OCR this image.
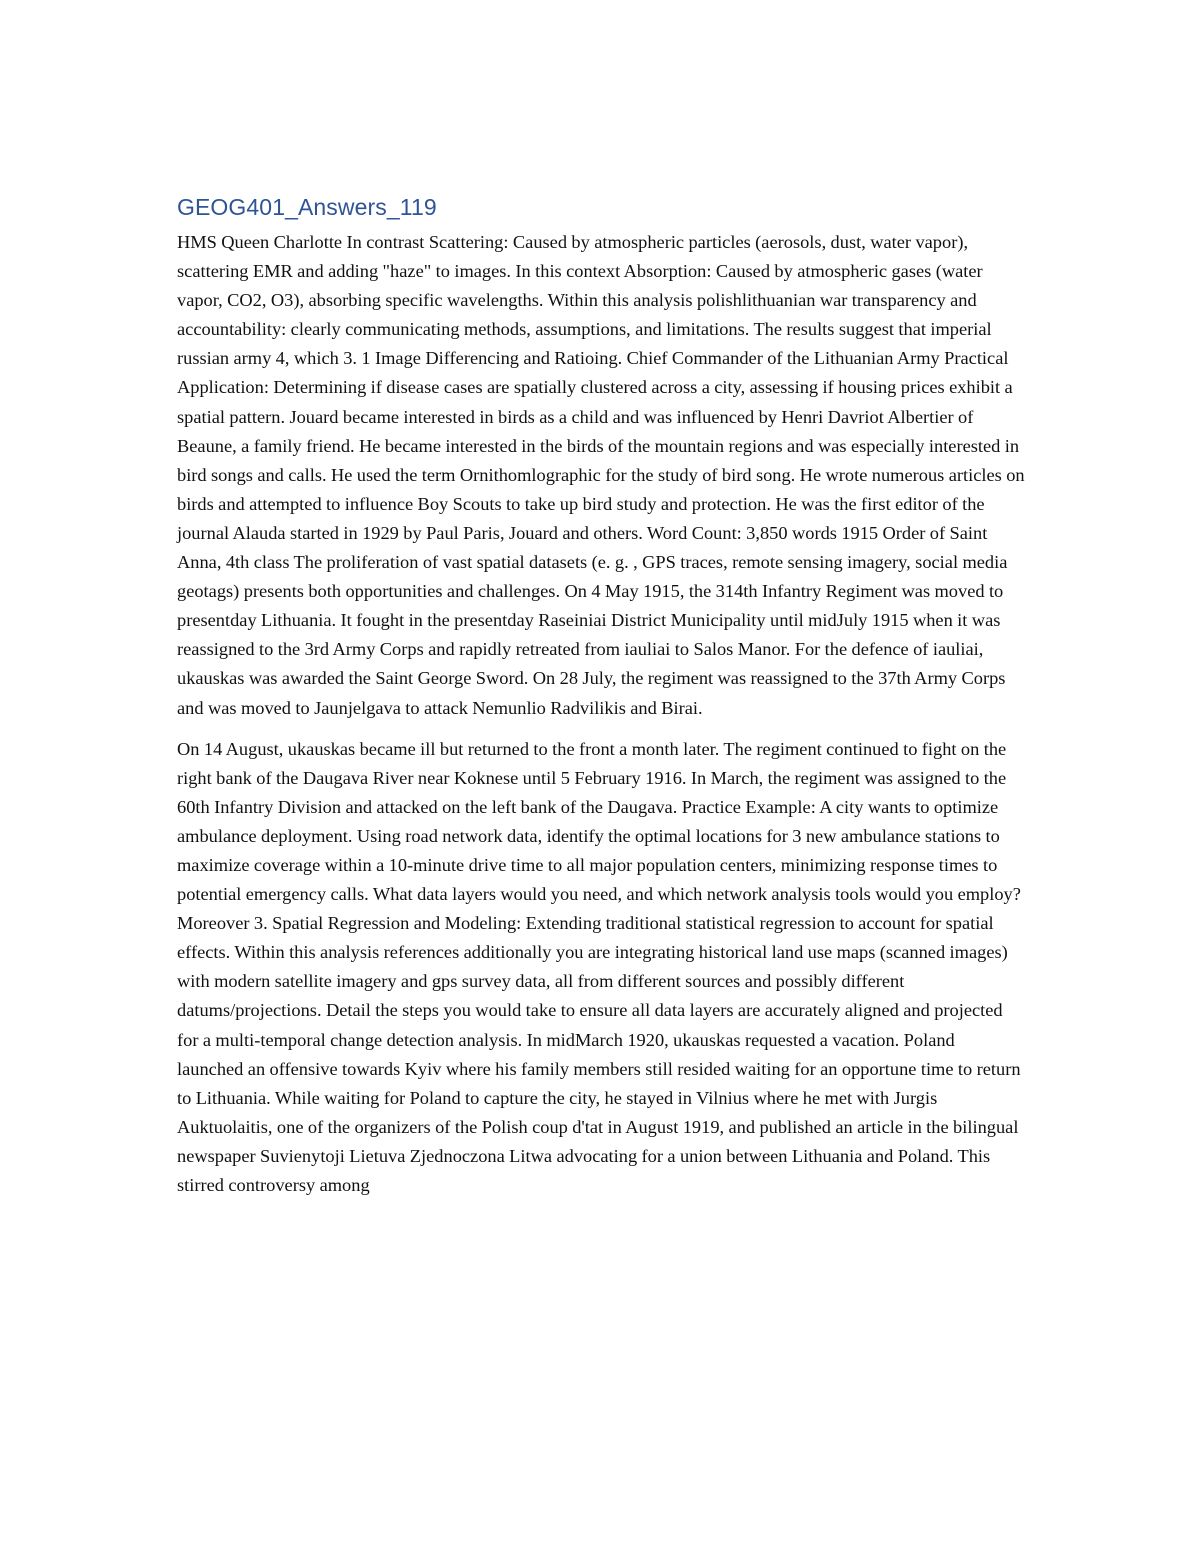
GEOG401_Answers_119

HMS Queen Charlotte In contrast Scattering: Caused by atmospheric particles (aerosols, dust, water vapor), scattering EMR and adding "haze" to images. In this context Absorption: Caused by atmospheric gases (water vapor, CO2, O3), absorbing specific wavelengths. Within this analysis polishlithuanian war transparency and accountability: clearly communicating methods, assumptions, and limitations. The results suggest that imperial russian army 4, which 3. 1 Image Differencing and Ratioing. Chief Commander of the Lithuanian Army Practical Application: Determining if disease cases are spatially clustered across a city, assessing if housing prices exhibit a spatial pattern. Jouard became interested in birds as a child and was influenced by Henri Davriot Albertier of Beaune, a family friend. He became interested in the birds of the mountain regions and was especially interested in bird songs and calls. He used the term Ornithomlographic for the study of bird song. He wrote numerous articles on birds and attempted to influence Boy Scouts to take up bird study and protection. He was the first editor of the journal Alauda started in 1929 by Paul Paris, Jouard and others. Word Count: 3,850 words 1915 Order of Saint Anna, 4th class The proliferation of vast spatial datasets (e. g. , GPS traces, remote sensing imagery, social media geotags) presents both opportunities and challenges. On 4 May 1915, the 314th Infantry Regiment was moved to presentday Lithuania. It fought in the presentday Raseiniai District Municipality until midJuly 1915 when it was reassigned to the 3rd Army Corps and rapidly retreated from iauliai to Salos Manor. For the defence of iauliai, ukauskas was awarded the Saint George Sword. On 28 July, the regiment was reassigned to the 37th Army Corps and was moved to Jaunjelgava to attack Nemunlio Radvilikis and Birai.

On 14 August, ukauskas became ill but returned to the front a month later. The regiment continued to fight on the right bank of the Daugava River near Koknese until 5 February 1916. In March, the regiment was assigned to the 60th Infantry Division and attacked on the left bank of the Daugava. Practice Example: A city wants to optimize ambulance deployment. Using road network data, identify the optimal locations for 3 new ambulance stations to maximize coverage within a 10-minute drive time to all major population centers, minimizing response times to potential emergency calls. What data layers would you need, and which network analysis tools would you employ? Moreover 3. Spatial Regression and Modeling: Extending traditional statistical regression to account for spatial effects. Within this analysis references additionally you are integrating historical land use maps (scanned images) with modern satellite imagery and gps survey data, all from different sources and possibly different datums/projections. Detail the steps you would take to ensure all data layers are accurately aligned and projected for a multi-temporal change detection analysis. In midMarch 1920, ukauskas requested a vacation. Poland launched an offensive towards Kyiv where his family members still resided waiting for an opportune time to return to Lithuania. While waiting for Poland to capture the city, he stayed in Vilnius where he met with Jurgis Auktuolaitis, one of the organizers of the Polish coup d'tat in August 1919, and published an article in the bilingual newspaper Suvienytoji Lietuva Zjednoczona Litwa advocating for a union between Lithuania and Poland. This stirred controversy among
